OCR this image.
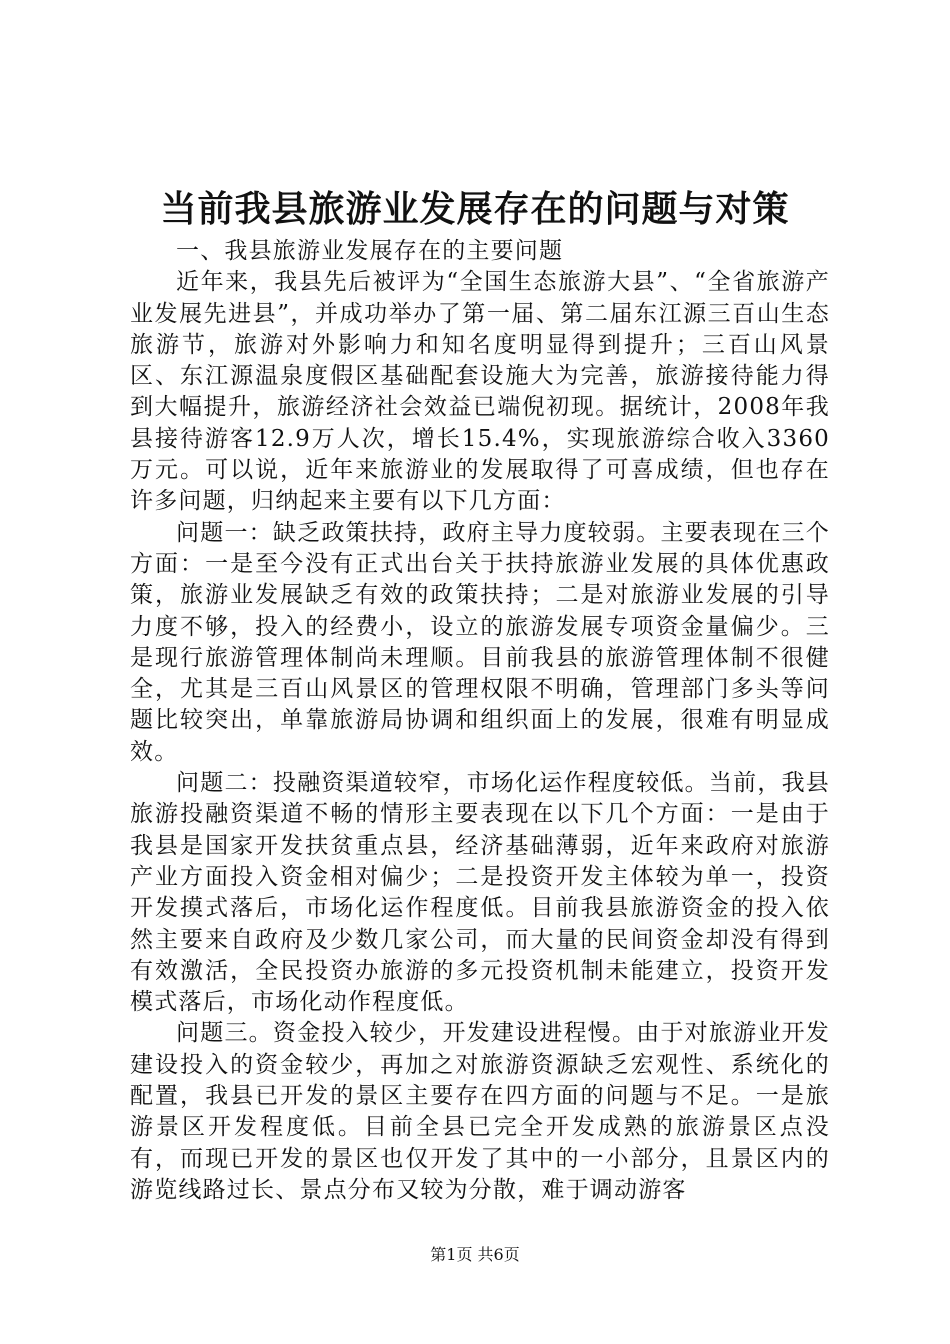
当前我县旅游业发展存在的问题与对策

一、我县旅游业发展存在的主要问题

近年来，我县先后被评为“全国生态旅游大县”、“全省旅游产业发展先进县”，并成功举办了第一届、第二届东江源三百山生态旅游节，旅游对外影响力和知名度明显得到提升；三百山风景区、东江源温泉度假区基础配套设施大为完善，旅游接待能力得到大幅提升，旅游经济社会效益已端倪初现。据统计，2008年我县接待游客12.9万人次，增长15.4%，实现旅游综合收入3360万元。可以说，近年来旅游业的发展取得了可喜成绩，但也存在许多问题，归纳起来主要有以下几方面：

问题一：缺乏政策扶持，政府主导力度较弱。主要表现在三个方面：一是至今没有正式出台关于扶持旅游业发展的具体优惠政策，旅游业发展缺乏有效的政策扶持；二是对旅游业发展的引导力度不够，投入的经费小，设立的旅游发展专项资金量偏少。三是现行旅游管理体制尚未理顺。目前我县的旅游管理体制不很健全，尤其是三百山风景区的管理权限不明确，管理部门多头等问题比较突出，单靠旅游局协调和组织面上的发展，很难有明显成效。

问题二：投融资渠道较窄，市场化运作程度较低。当前，我县旅游投融资渠道不畅的情形主要表现在以下几个方面：一是由于我县是国家开发扶贫重点县，经济基础薄弱，近年来政府对旅游产业方面投入资金相对偏少；二是投资开发主体较为单一，投资开发摸式落后，市场化运作程度低。目前我县旅游资金的投入依然主要来自政府及少数几家公司，而大量的民间资金却没有得到有效激活，全民投资办旅游的多元投资机制未能建立，投资开发模式落后，市场化动作程度低。

问题三。资金投入较少，开发建设进程慢。由于对旅游业开发建设投入的资金较少，再加之对旅游资源缺乏宏观性、系统化的配置，我县已开发的景区主要存在四方面的问题与不足。一是旅游景区开发程度低。目前全县已完全开发成熟的旅游景区点没有，而现已开发的景区也仅开发了其中的一小部分，且景区内的游览线路过长、景点分布又较为分散，难于调动游客

第1页 共6页
